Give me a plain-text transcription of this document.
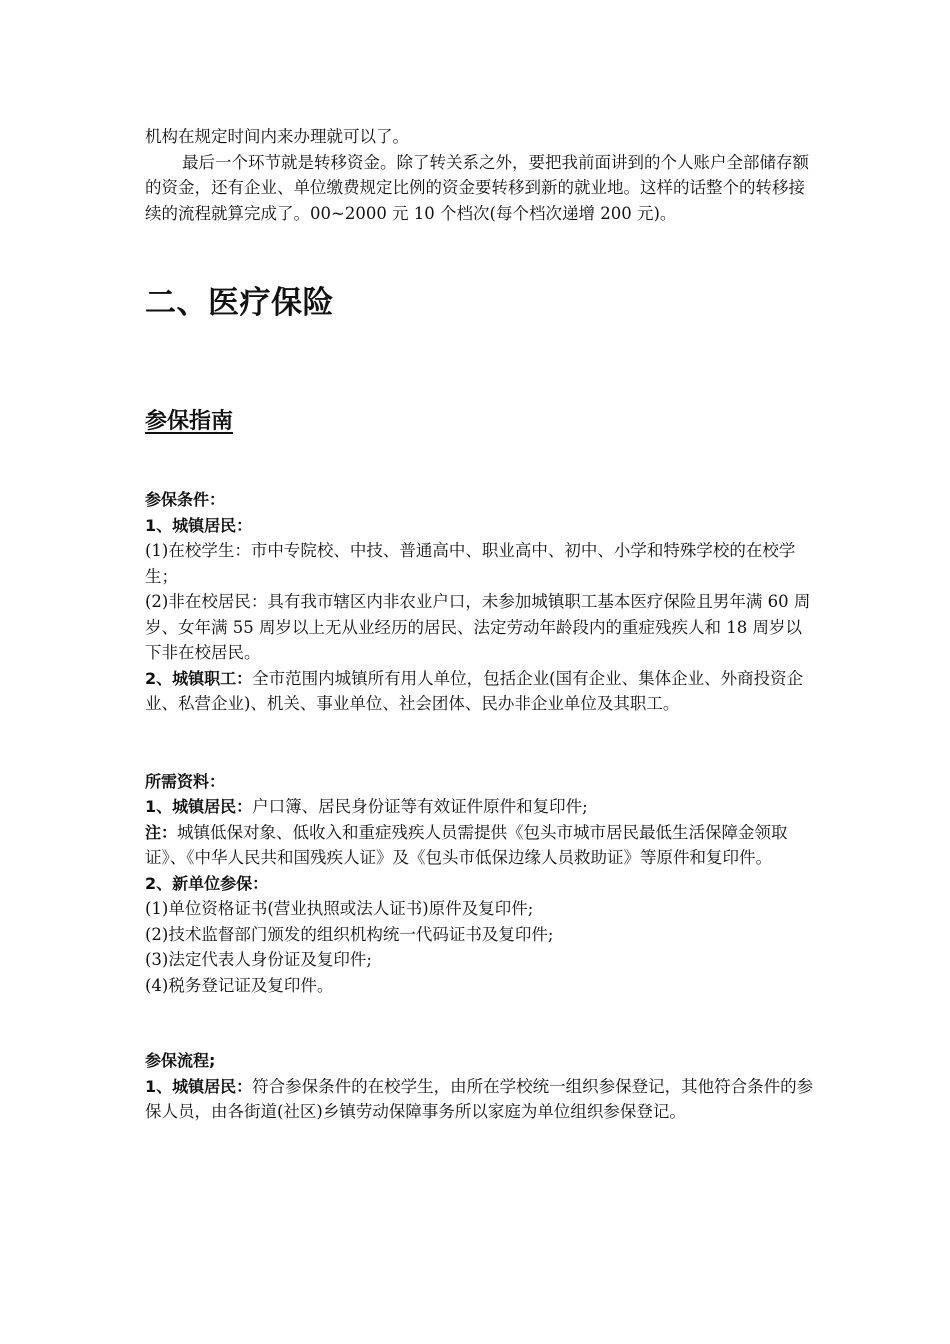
机构在规定时间内来办理就可以了。

最后一个环节就是转移资金。除了转关系之外，要把我前面讲到的个人账户全部储存额的资金，还有企业、单位缴费规定比例的资金要转移到新的就业地。这样的话整个的转移接续的流程就算完成了。00~2000 元 10 个档次(每个档次递增 200 元)。

二、医疗保险
参保指南

参保条件：

1、城镇居民：

(1)在校学生：市中专院校、中技、普通高中、职业高中、初中、小学和特殊学校的在校学生；

(2)非在校居民：具有我市辖区内非农业户口，未参加城镇职工基本医疗保险且男年满 60 周岁、女年满 55 周岁以上无从业经历的居民、法定劳动年龄段内的重症残疾人和 18 周岁以下非在校居民。

2、城镇职工：全市范围内城镇所有用人单位，包括企业(国有企业、集体企业、外商投资企业、私营企业)、机关、事业单位、社会团体、民办非企业单位及其职工。

所需资料：

1、城镇居民：户口簿、居民身份证等有效证件原件和复印件;

注：城镇低保对象、低收入和重症残疾人员需提供《包头市城市居民最低生活保障金领取证》、《中华人民共和国残疾人证》及《包头市低保边缘人员救助证》等原件和复印件。

2、新单位参保：

(1)单位资格证书(营业执照或法人证书)原件及复印件;

(2)技术监督部门颁发的组织机构统一代码证书及复印件;

(3)法定代表人身份证及复印件;

(4)税务登记证及复印件。

参保流程;

1、城镇居民：符合参保条件的在校学生，由所在学校统一组织参保登记，其他符合条件的参保人员，由各街道(社区)乡镇劳动保障事务所以家庭为单位组织参保登记。
